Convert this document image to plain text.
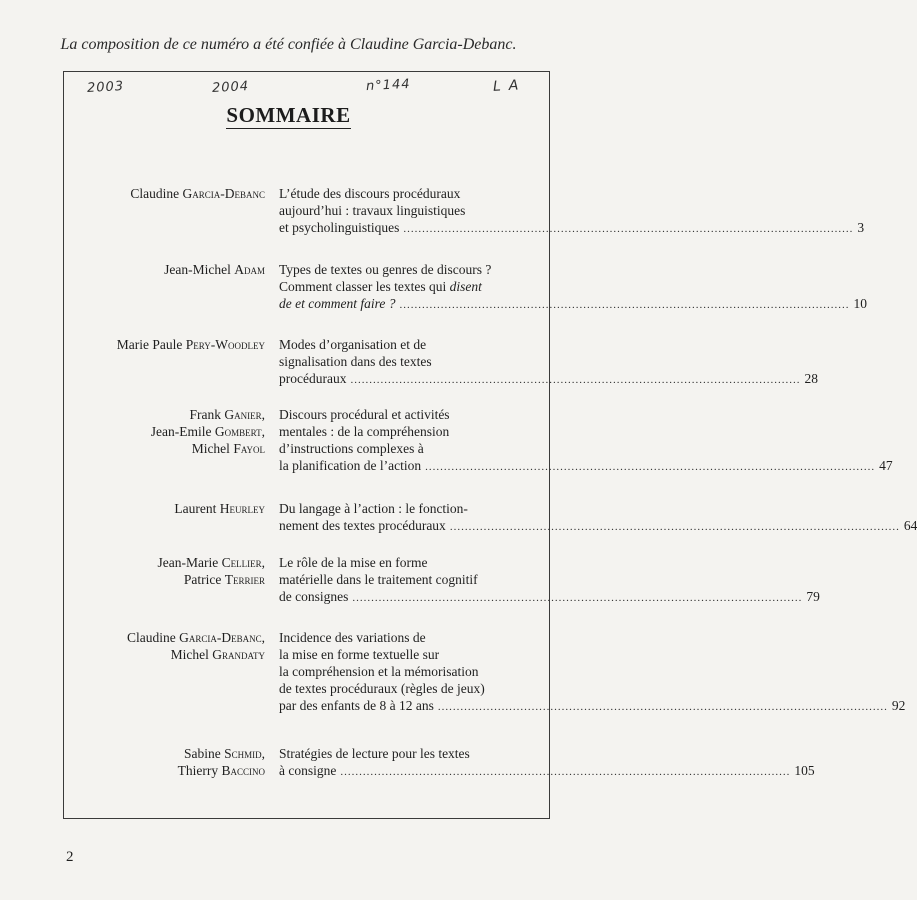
La composition de ce numéro a été confiée à Claudine Garcia-Debanc.
2003	2004	n°144	LA
SOMMAIRE
Claudine Garcia-Debanc L’étude des discours procéduraux
aujourd’hui : travaux linguistiques
et psycholinguistiques ........................................................................................................................ 3
Jean-Michel Adam Types de textes ou genres de discours ?
Comment classer les textes qui disent
de et comment faire ? ........................................................................................................................ 10
Marie Paule Pery-Woodley Modes d’organisation et de
signalisation dans des textes
procéduraux ........................................................................................................................ 28
Frank Ganier,
Jean-Emile Gombert,
Michel Fayol
Discours procédural et activités
mentales : de la compréhension
d’instructions complexes à
la planification de l’action ........................................................................................................................ 47
Laurent Heurley Du langage à l’action : le fonction-
nement des textes procéduraux ........................................................................................................................ 64
Jean-Marie Cellier,
Patrice Terrier
Le rôle de la mise en forme
matérielle dans le traitement cognitif
de consignes ........................................................................................................................ 79
Claudine Garcia-Debanc,
Michel Grandaty
Incidence des variations de
la mise en forme textuelle sur
la compréhension et la mémorisation
de textes procéduraux (règles de jeux)
par des enfants de 8 à 12 ans ........................................................................................................................ 92
Sabine Schmid,
Thierry Baccino
Stratégies de lecture pour les textes
à consigne ........................................................................................................................ 105
2
